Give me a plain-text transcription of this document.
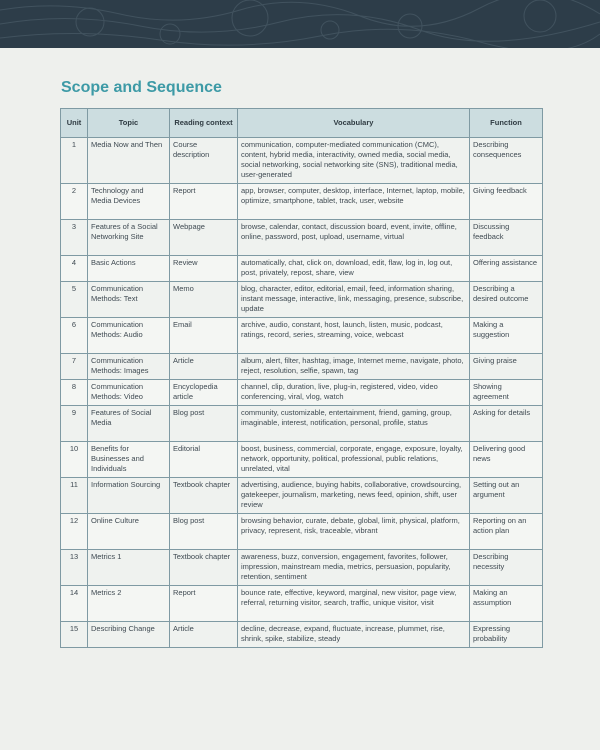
Scope and Sequence
Unit	Topic	Reading context	Vocabulary	Function
1	Media Now and Then	Course description	communication, computer-mediated communication (CMC), content, hybrid media, interactivity, owned media, social media, social networking, social networking site (SNS), traditional media, user-generated	Describing consequences
2	Technology and Media Devices	Report	app, browser, computer, desktop, interface, Internet, laptop, mobile, optimize, smartphone, tablet, track, user, website	Giving feedback
3	Features of a Social Networking Site	Webpage	browse, calendar, contact, discussion board, event, invite, offline, online, password, post, upload, username, virtual	Discussing feedback
4	Basic Actions	Review	automatically, chat, click on, download, edit, flaw, log in, log out, post, privately, repost, share, view	Offering assistance
5	Communication Methods: Text	Memo	blog, character, editor, editorial, email, feed, information sharing, instant message, interactive, link, messaging, presence, subscribe, update	Describing a desired outcome
6	Communication Methods: Audio	Email	archive, audio, constant, host, launch, listen, music, podcast, ratings, record, series, streaming, voice, webcast	Making a suggestion
7	Communication Methods: Images	Article	album, alert, filter, hashtag, image, Internet meme, navigate, photo, reject, resolution, selfie, spawn, tag	Giving praise
8	Communication Methods: Video	Encyclopedia article	channel, clip, duration, live, plug-in, registered, video, video conferencing, viral, vlog, watch	Showing agreement
9	Features of Social Media	Blog post	community, customizable, entertainment, friend, gaming, group, imaginable, interest, notification, personal, profile, status	Asking for details
10	Benefits for Businesses and Individuals	Editorial	boost, business, commercial, corporate, engage, exposure, loyalty, network, opportunity, political, professional, public relations, unrelated, vital	Delivering good news
11	Information Sourcing	Textbook chapter	advertising, audience, buying habits, collaborative, crowdsourcing, gatekeeper, journalism, marketing, news feed, opinion, shift, user review	Setting out an argument
12	Online Culture	Blog post	browsing behavior, curate, debate, global, limit, physical, platform, privacy, represent, risk, traceable, vibrant	Reporting on an action plan
13	Metrics 1	Textbook chapter	awareness, buzz, conversion, engagement, favorites, follower, impression, mainstream media, metrics, persuasion, popularity, retention, sentiment	Describing necessity
14	Metrics 2	Report	bounce rate, effective, keyword, marginal, new visitor, page view, referral, returning visitor, search, traffic, unique visitor, visit	Making an assumption
15	Describing Change	Article	decline, decrease, expand, fluctuate, increase, plummet, rise, shrink, spike, stabilize, steady	Expressing probability
